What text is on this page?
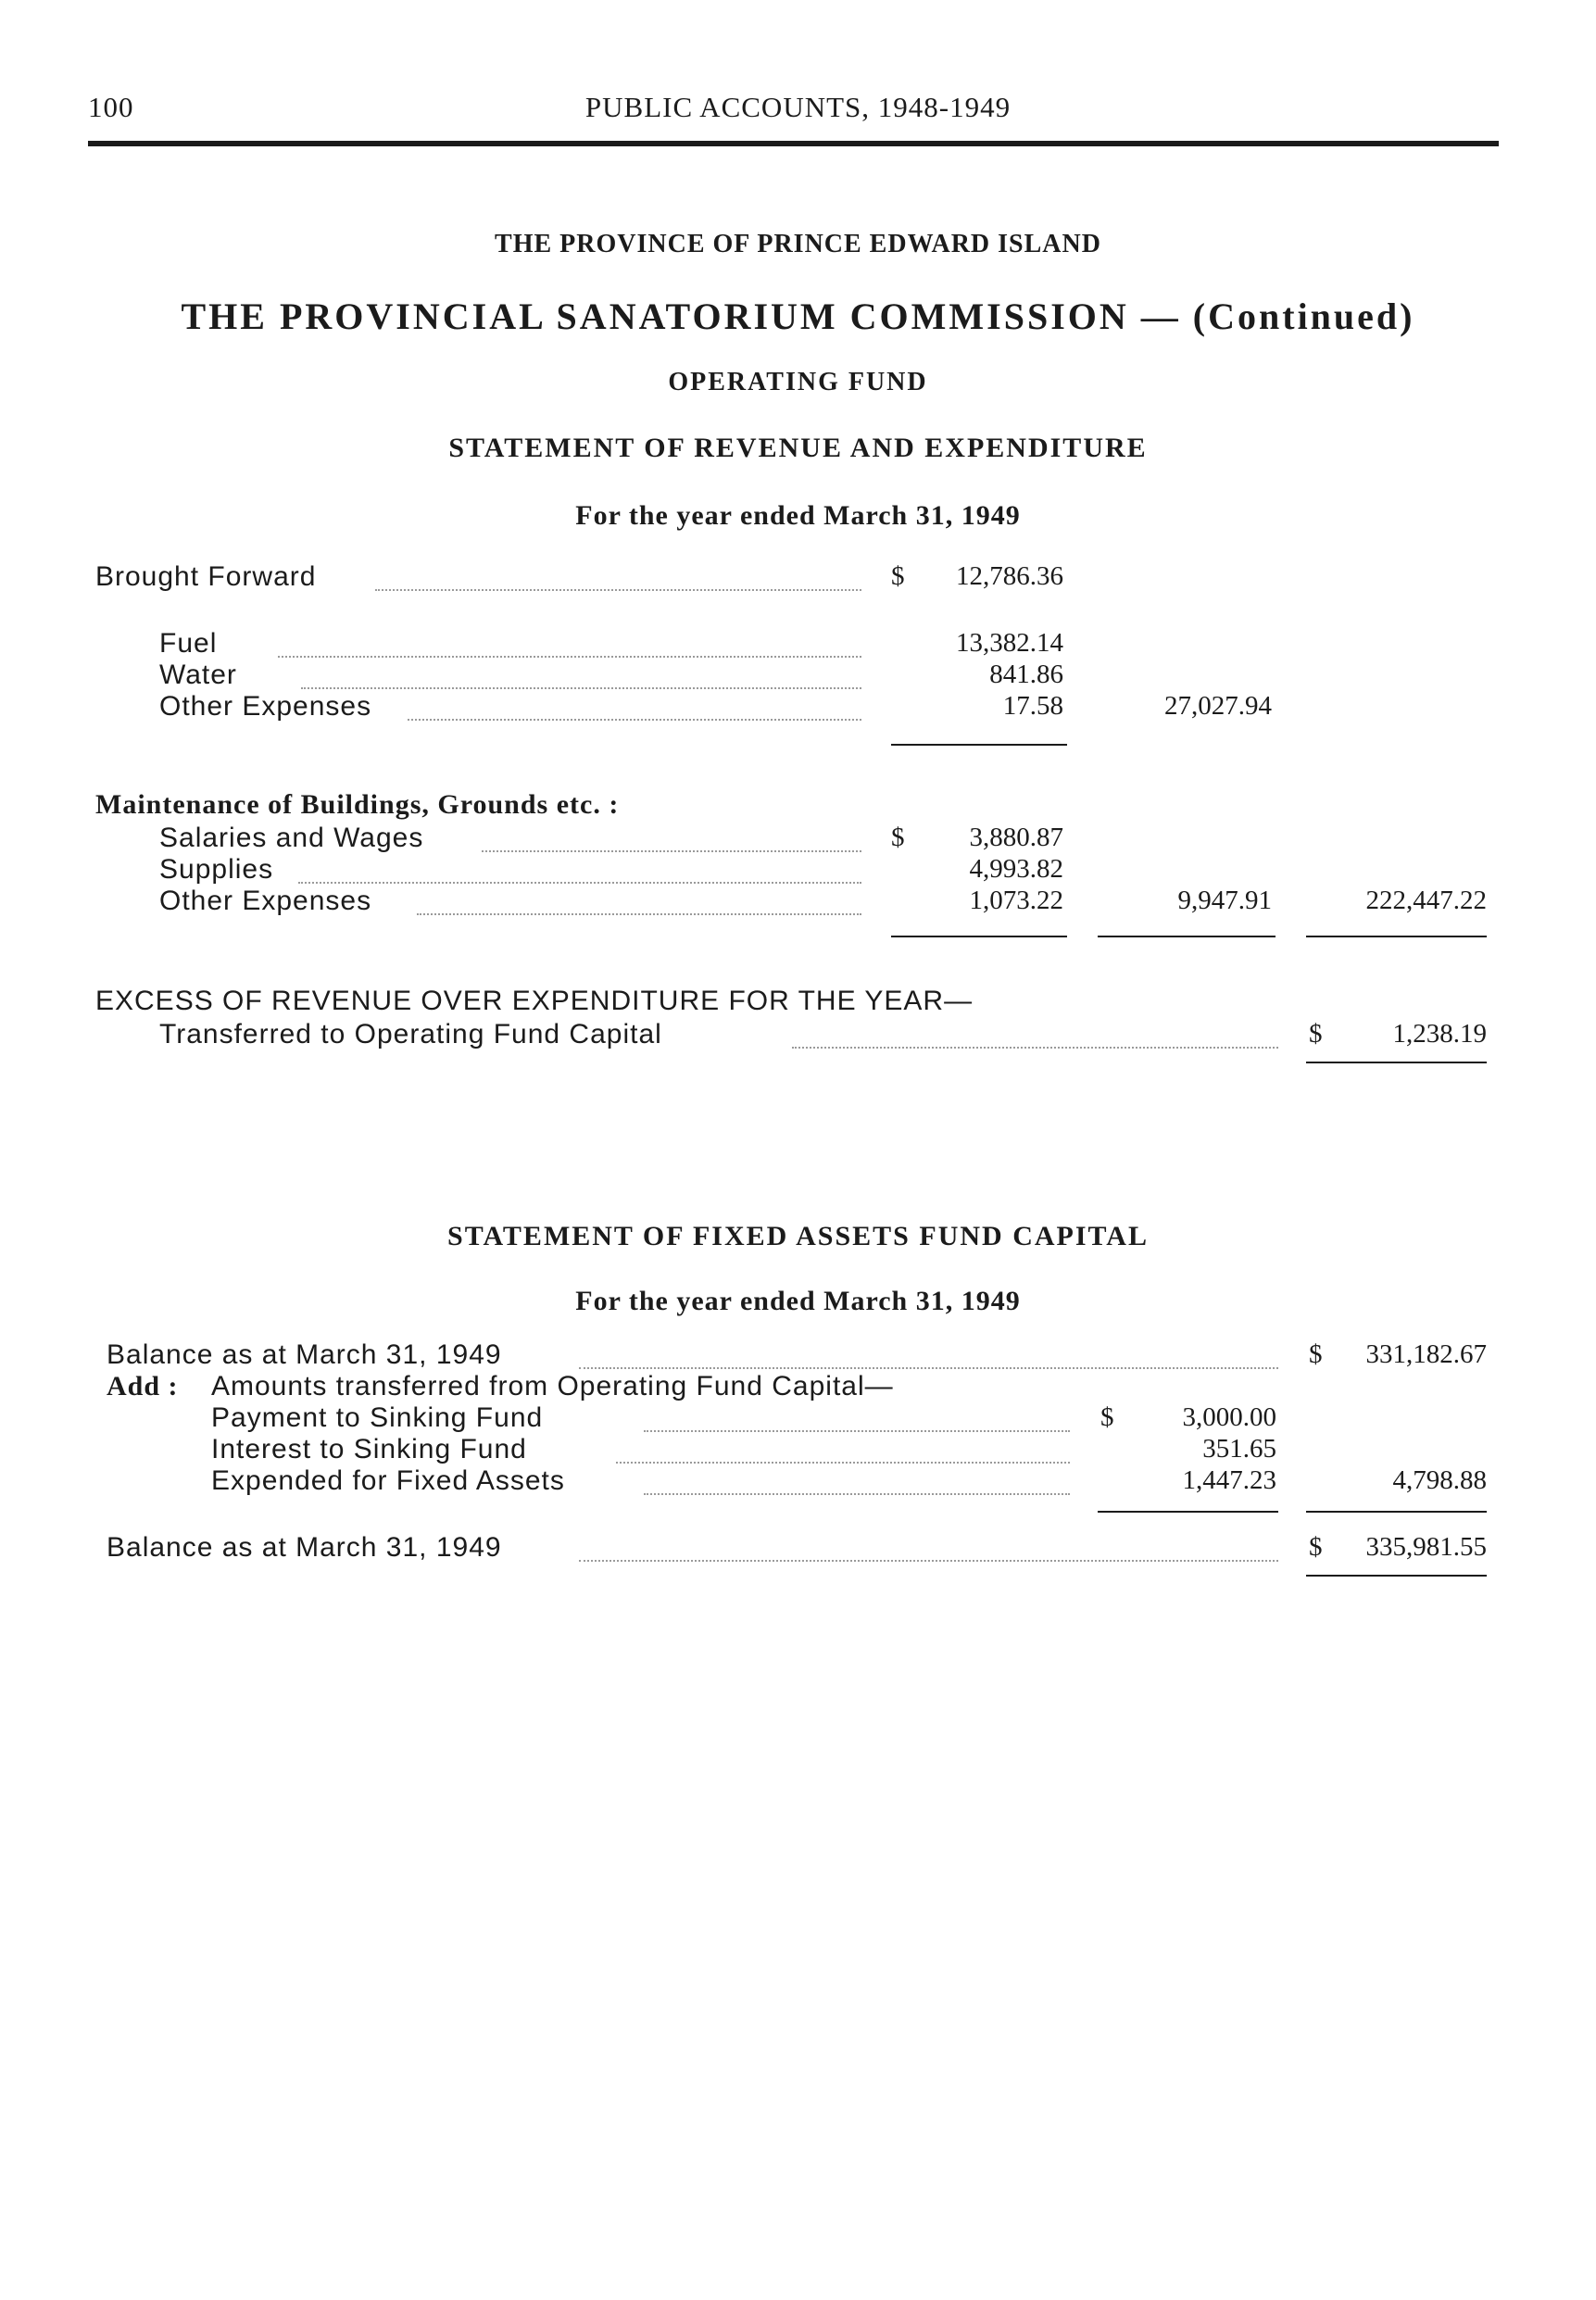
100	PUBLIC ACCOUNTS, 1948-1949
THE PROVINCE OF PRINCE EDWARD ISLAND
THE PROVINCIAL SANATORIUM COMMISSION — (Continued)
OPERATING FUND
STATEMENT OF REVENUE AND EXPENDITURE
For the year ended March 31, 1949
Brought Forward	$ 12,786.36
Fuel	13,382.14
Water	841.86
Other Expenses	17.58	27,027.94
Maintenance of Buildings, Grounds etc. :
Salaries and Wages	$ 3,880.87
Supplies	4,993.82
Other Expenses	1,073.22	9,947.91	222,447.22
EXCESS OF REVENUE OVER EXPENDITURE FOR THE YEAR—
Transferred to Operating Fund Capital	$	1,238.19
STATEMENT OF FIXED ASSETS FUND CAPITAL
For the year ended March 31, 1949
Balance as at March 31, 1949	$ 331,182.67
Add : Amounts transferred from Operating Fund Capital—
Payment to Sinking Fund	$	3,000.00
Interest to Sinking Fund	351.65
Expended for Fixed Assets	1,447.23	4,798.88
Balance as at March 31, 1949	$ 335,981.55
